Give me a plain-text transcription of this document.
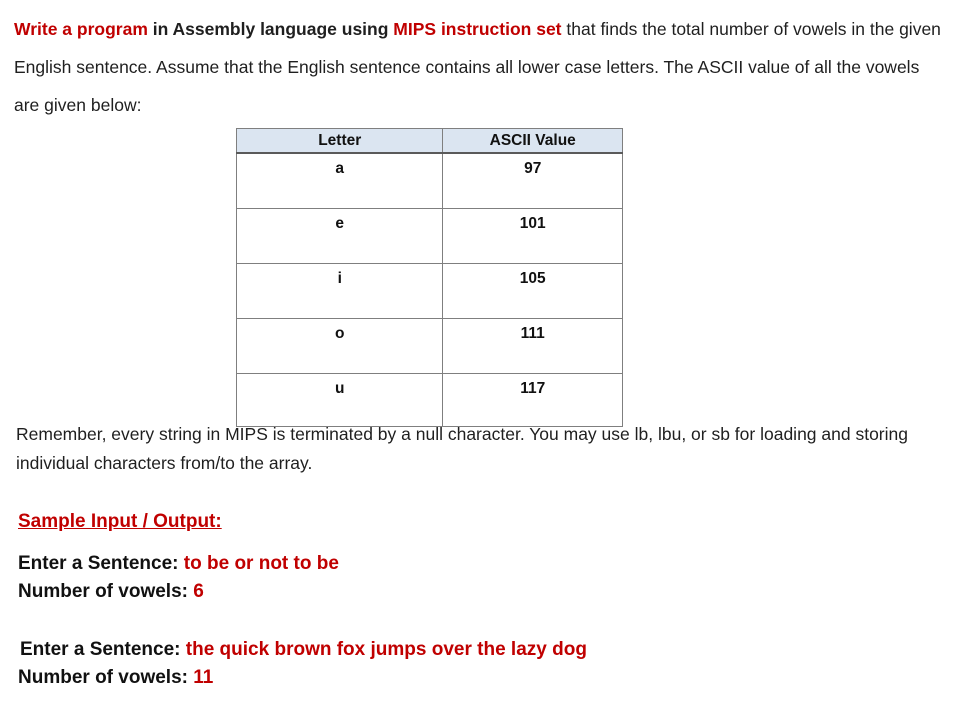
Write a program in Assembly language using MIPS instruction set that finds the total number of vowels in the given English sentence. Assume that the English sentence contains all lower case letters. The ASCII value of all the vowels are given below:

Letter	ASCII Value
a	97
e	101
i	105
o	111
u	117

Remember, every string in MIPS is terminated by a null character. You may use lb, lbu, or sb for loading and storing individual characters from/to the array.

Sample Input / Output:

Enter a Sentence: to be or not to be
Number of vowels: 6
Enter a Sentence: the quick brown fox jumps over the lazy dog
Number of vowels: 11
